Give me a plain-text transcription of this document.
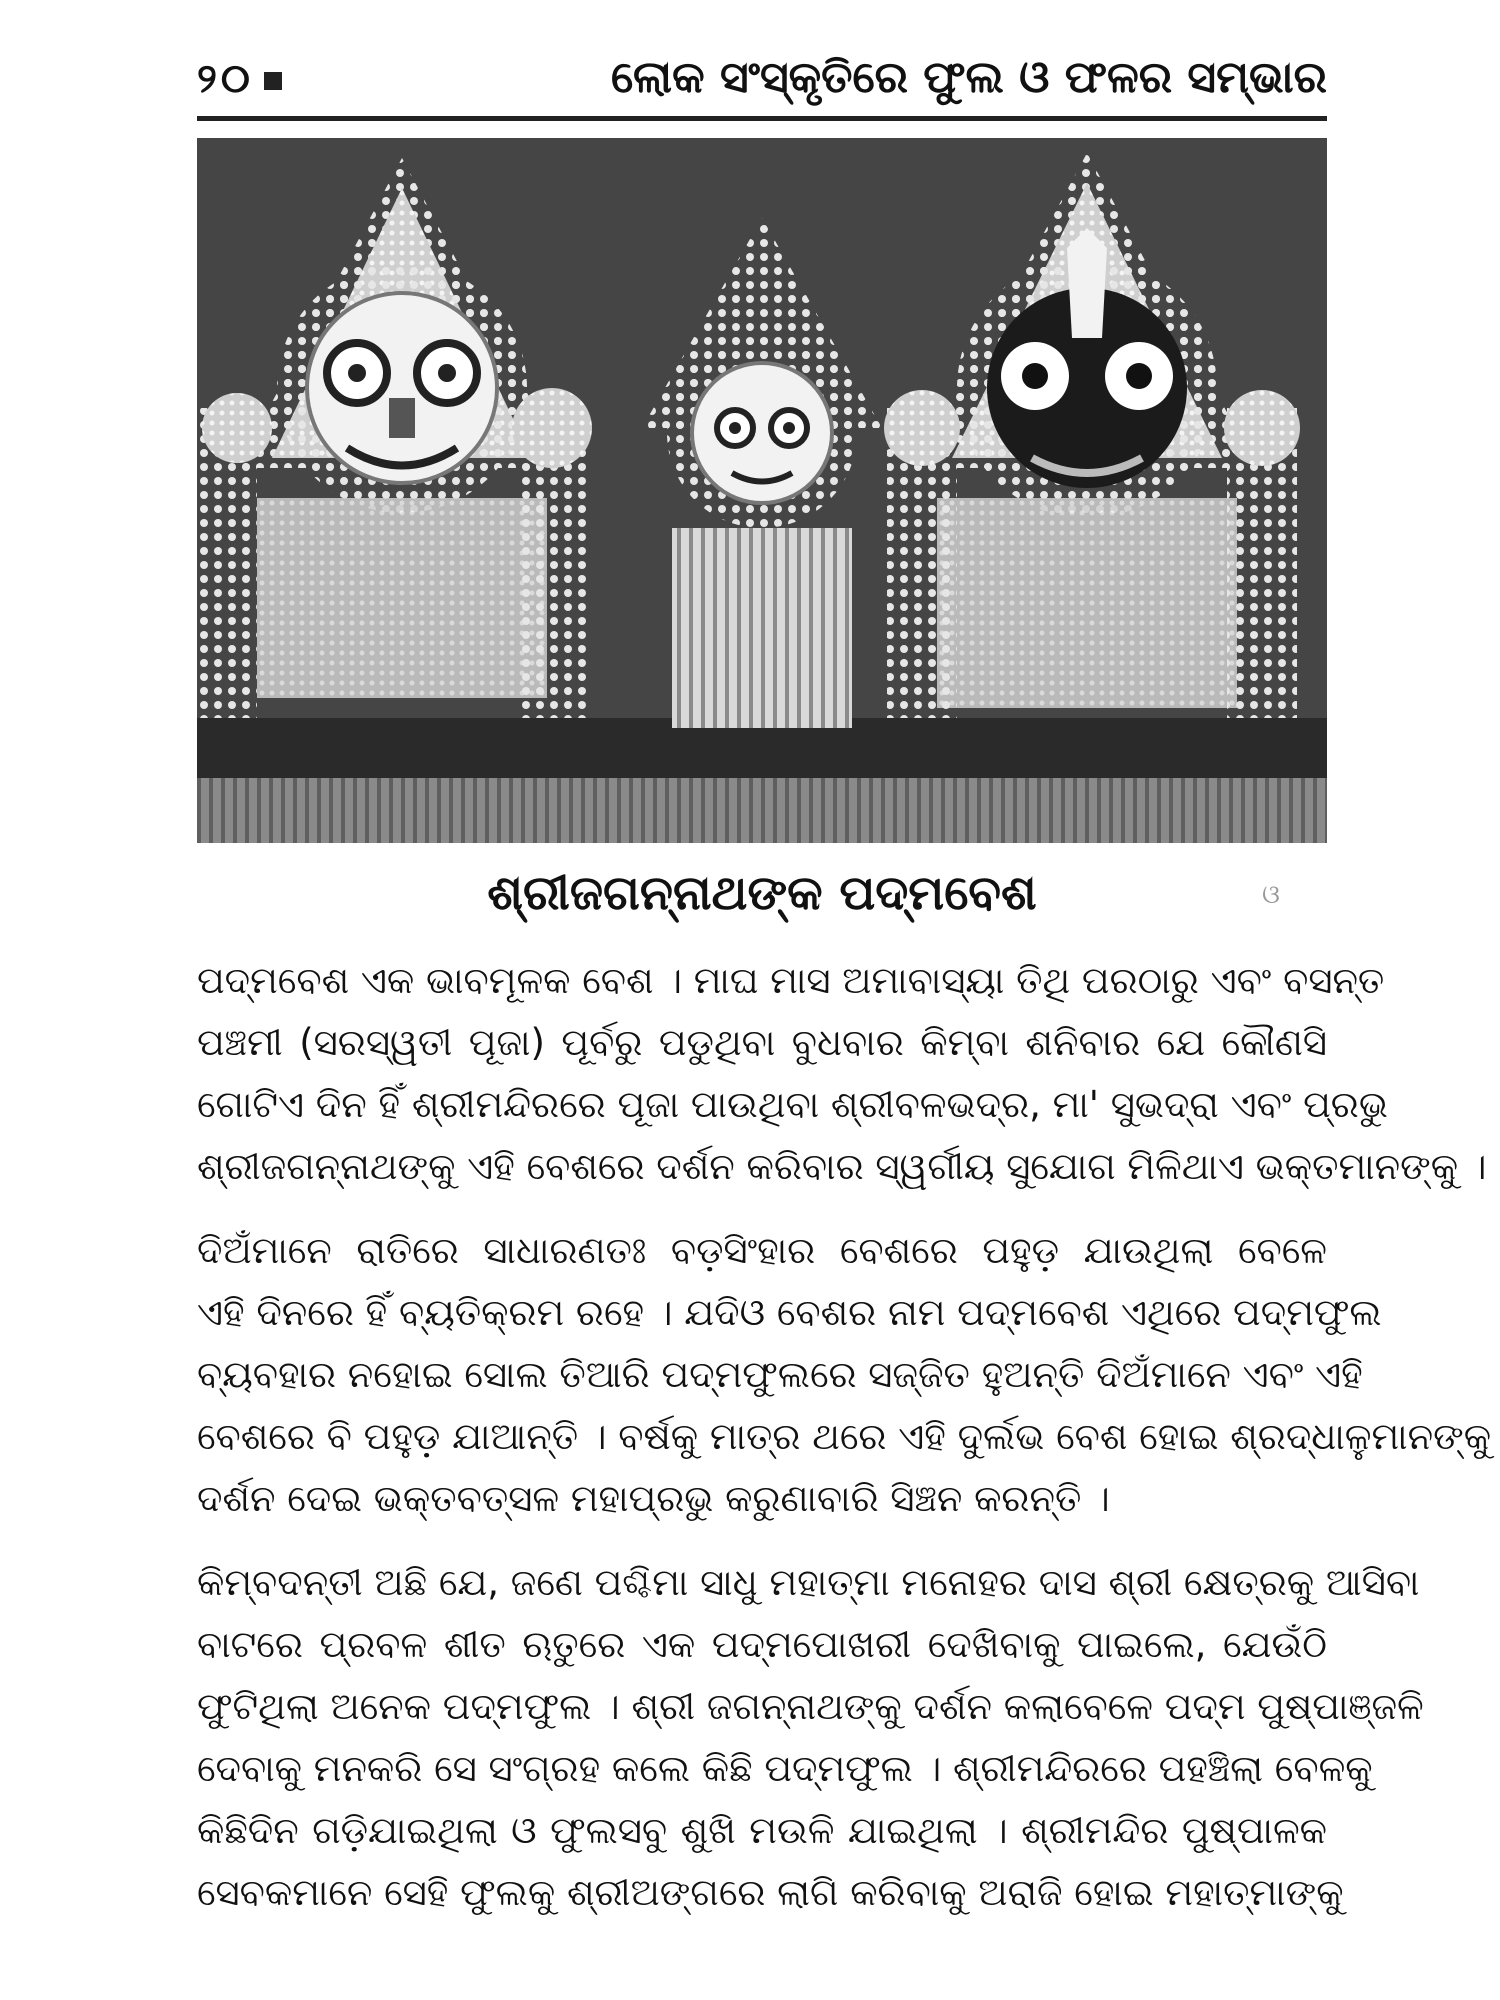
୨୦	ଲୋକ ସଂସ୍କୃତିରେ ଫୁଲ ଓ ଫଳର ସମ୍ଭାର
ଶ୍ରୀଜଗନ୍ନାଥଙ୍କ ପଦ୍ମବେଶ	ଓ
ପଦ୍ମବେଶ ଏକ ଭାବମୂଳକ ବେଶ । ମାଘ ମାସ ଅମାବାସ୍ୟା ତିଥି ପରଠାରୁ ଏବଂ ବସନ୍ତ
ପଞ୍ଚମୀ (ସରସ୍ୱତୀ ପୂଜା) ପୂର୍ବରୁ ପଡୁଥିବା ବୁଧବାର କିମ୍ବା ଶନିବାର ଯେ କୌଣସି
ଗୋଟିଏ ଦିନ ହିଁ ଶ୍ରୀମନ୍ଦିରରେ ପୂଜା ପାଉଥିବା ଶ୍ରୀବଳଭଦ୍ର, ମା' ସୁଭଦ୍ରା ଏବଂ ପ୍ରଭୁ
ଶ୍ରୀଜଗନ୍ନାଥଙ୍କୁ ଏହି ବେଶରେ ଦର୍ଶନ କରିବାର ସ୍ୱର୍ଗୀୟ ସୁଯୋଗ ମିଳିଥାଏ ଭକ୍ତମାନଙ୍କୁ ।
ଦିଅଁମାନେ ରାତିରେ ସାଧାରଣତଃ ବଡ଼ସିଂହାର ବେଶରେ ପହୁଡ଼ ଯାଉଥିଲା ବେଳେ
ଏହି ଦିନରେ ହିଁ ବ୍ୟତିକ୍ରମ ରହେ । ଯଦିଓ ବେଶର ନାମ ପଦ୍ମବେଶ ଏଥିରେ ପଦ୍ମଫୁଲ
ବ୍ୟବହାର ନହୋଇ ସୋଲ ତିଆରି ପଦ୍ମଫୁଲରେ ସଜ୍ଜିତ ହୁଅନ୍ତି ଦିଅଁମାନେ ଏବଂ ଏହି
ବେଶରେ ବି ପହୁଡ଼ ଯାଆନ୍ତି । ବର୍ଷକୁ ମାତ୍ର ଥରେ ଏହି ଦୁର୍ଲଭ ବେଶ ହୋଇ ଶ୍ରଦ୍ଧାଳୁମାନଙ୍କୁ
ଦର୍ଶନ ଦେଇ ଭକ୍ତବତ୍ସଳ ମହାପ୍ରଭୁ କରୁଣାବାରି ସିଞ୍ଚନ କରନ୍ତି ।
କିମ୍ବଦନ୍ତୀ ଅଛି ଯେ, ଜଣେ ପଶ୍ଚିମା ସାଧୁ ମହାତ୍ମା ମନୋହର ଦାସ ଶ୍ରୀ କ୍ଷେତ୍ରକୁ ଆସିବା
ବାଟରେ ପ୍ରବଳ ଶୀତ ଋତୁରେ ଏକ ପଦ୍ମପୋଖରୀ ଦେଖିବାକୁ ପାଇଲେ, ଯେଉଁଠି
ଫୁଟିଥିଲା ଅନେକ ପଦ୍ମଫୁଲ । ଶ୍ରୀ ଜଗନ୍ନାଥଙ୍କୁ ଦର୍ଶନ କଲାବେଳେ ପଦ୍ମ ପୁଷ୍ପାଞ୍ଜଳି
ଦେବାକୁ ମନକରି ସେ ସଂଗ୍ରହ କଲେ କିଛି ପଦ୍ମଫୁଲ । ଶ୍ରୀମନ୍ଦିରରେ ପହଞ୍ଚିଲା ବେଳକୁ
କିଛିଦିନ ଗଡ଼ିଯାଇଥିଲା ଓ ଫୁଲସବୁ ଶୁଖି ମଉଳି ଯାଇଥିଲା । ଶ୍ରୀମନ୍ଦିର ପୁଷ୍ପାଳକ
ସେବକମାନେ ସେହି ଫୁଲକୁ ଶ୍ରୀଅଙ୍ଗରେ ଲାଗି କରିବାକୁ ଅରାଜି ହୋଇ ମହାତ୍ମାଙ୍କୁ
